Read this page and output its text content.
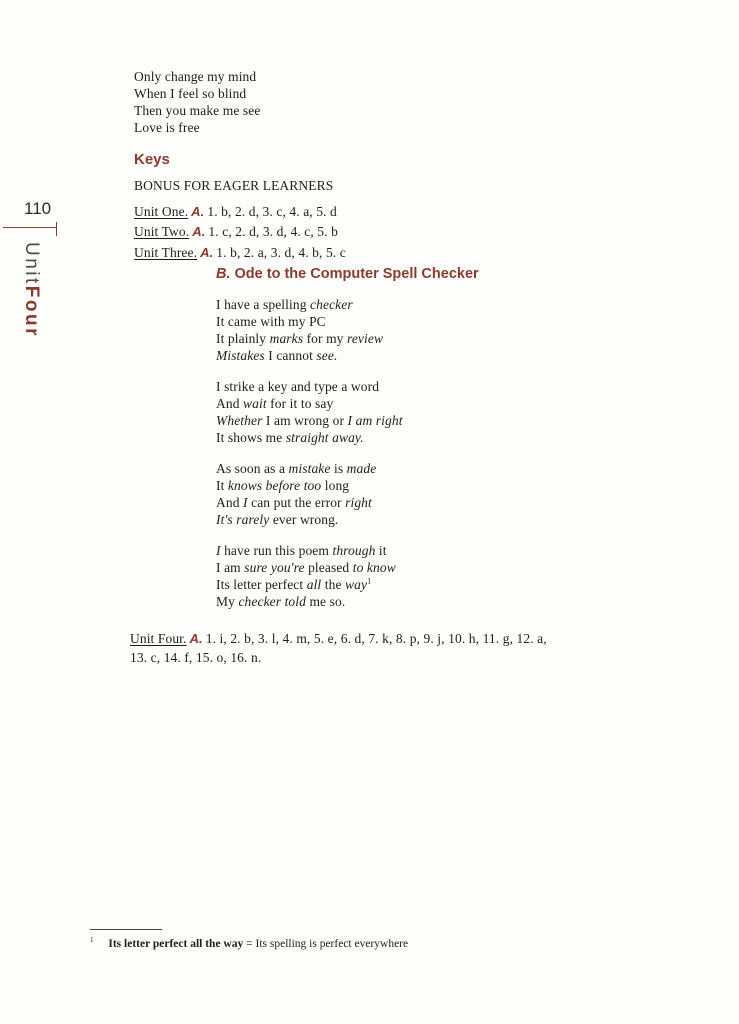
110
UnitFour
Only change my mind
When I feel so blind
Then you make me see
Love is free
Keys
BONUS FOR EAGER LEARNERS
Unit One. A. 1. b, 2. d, 3. c, 4. a, 5. d
Unit Two. A. 1. c, 2. d, 3. d, 4. c, 5. b
Unit Three. A. 1. b, 2. a, 3. d, 4. b, 5. c
B. Ode to the Computer Spell Checker
I have a spelling checker
It came with my PC
It plainly marks for my review
Mistakes I cannot see.
I strike a key and type a word
And wait for it to say
Whether I am wrong or I am right
It shows me straight away.
As soon as a mistake is made
It knows before too long
And I can put the error right
It's rarely ever wrong.
I have run this poem through it
I am sure you're pleased to know
Its letter perfect all the way$^1$
My checker told me so.
Unit Four. A. 1. i, 2. b, 3. l, 4. m, 5. e, 6. d, 7. k, 8. p, 9. j, 10. h, 11. g, 12. a,
13. c, 14. f, 15. o, 16. n.
$^1$ Its letter perfect all the way = Its spelling is perfect everywhere
